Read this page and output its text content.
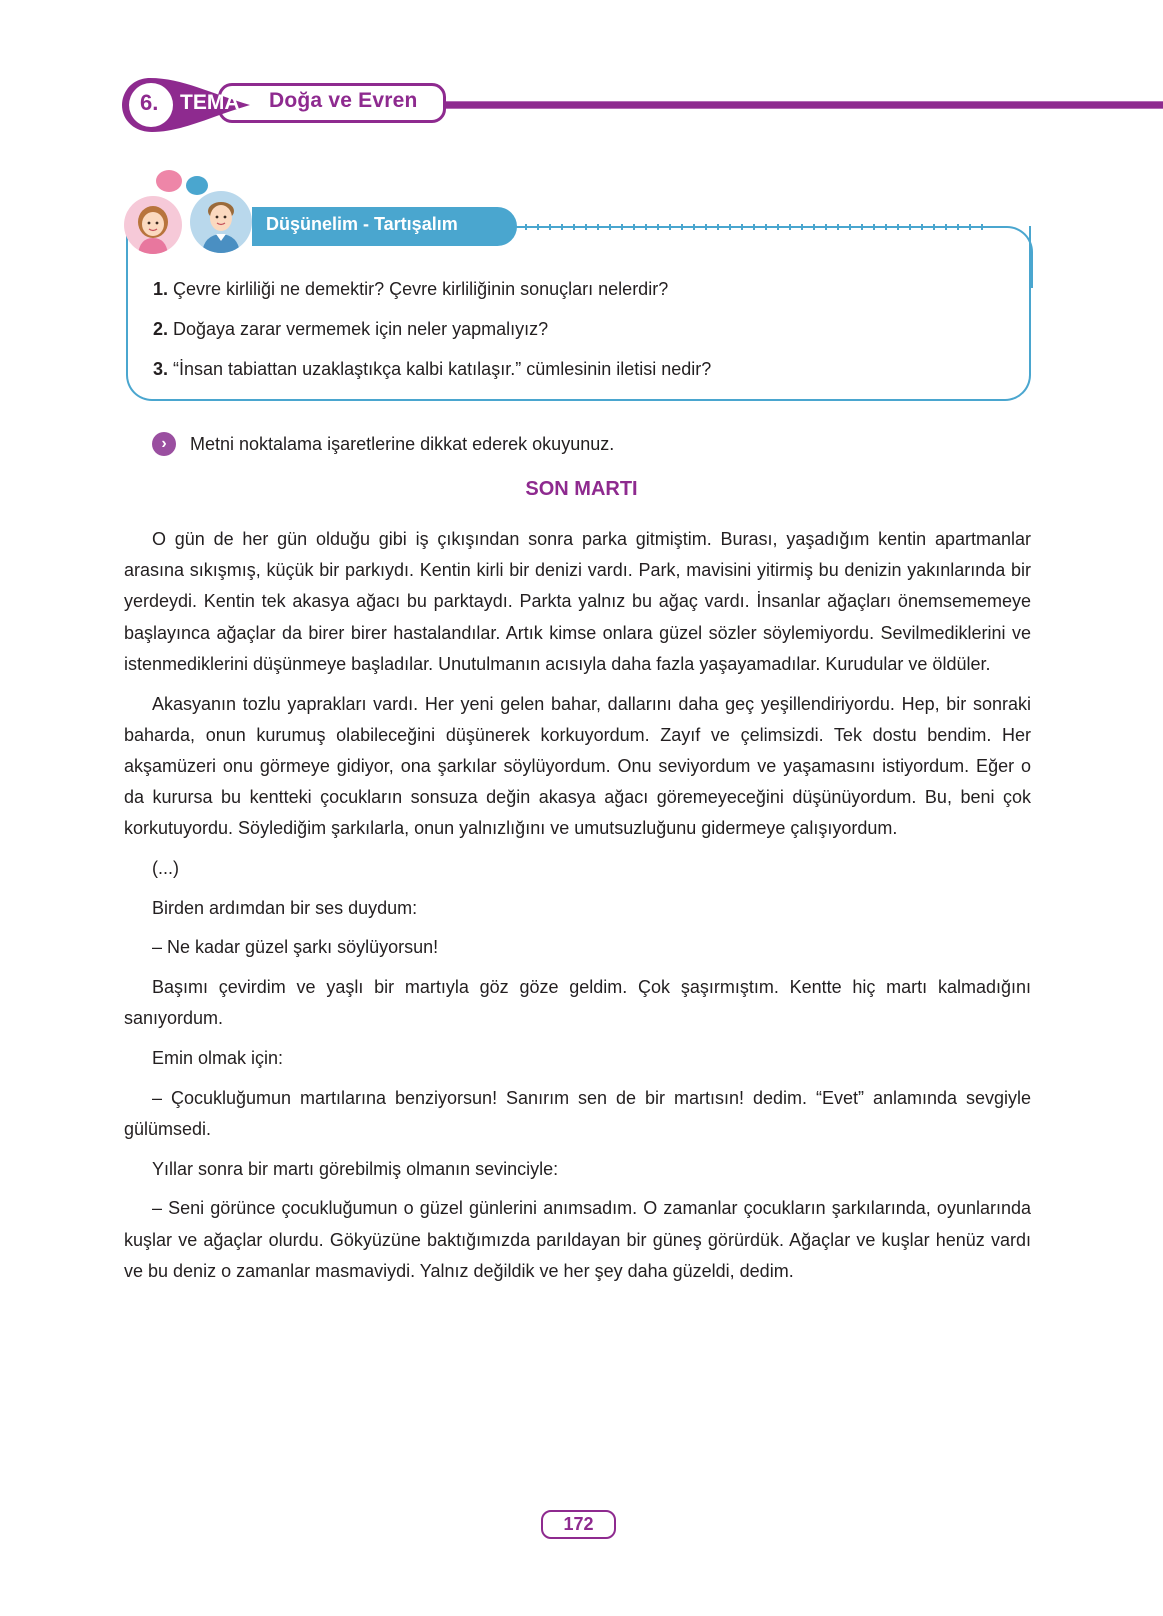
6. TEMA Doğa ve Evren
Düşünelim - Tartışalım
1. Çevre kirliliği ne demektir? Çevre kirliliğinin sonuçları nelerdir?
2. Doğaya zarar vermemek için neler yapmalıyız?
3. “İnsan tabiattan uzaklaştıkça kalbi katılaşır.” cümlesinin iletisi nedir?
›	Metni noktalama işaretlerine dikkat ederek okuyunuz.
SON MARTI

O gün de her gün olduğu gibi iş çıkışından sonra parka gitmiştim. Burası, yaşadığım kentin apartmanlar arasına sıkışmış, küçük bir parkıydı. Kentin kirli bir denizi vardı. Park, mavisini yitirmiş bu denizin yakınlarında bir yerdeydi. Kentin tek akasya ağacı bu parktaydı. Parkta yalnız bu ağaç vardı. İnsanlar ağaçları önemsememeye başlayınca ağaçlar da birer birer hastalandılar. Artık kimse onlara güzel sözler söylemiyordu. Sevilmediklerini ve istenmediklerini düşünmeye başladılar. Unutulmanın acısıyla daha fazla yaşayamadılar. Kurudular ve öldüler.

Akasyanın tozlu yaprakları vardı. Her yeni gelen bahar, dallarını daha geç yeşillendiriyordu. Hep, bir sonraki baharda, onun kurumuş olabileceğini düşünerek korkuyordum. Zayıf ve çelimsizdi. Tek dostu bendim. Her akşamüzeri onu görmeye gidiyor, ona şarkılar söylüyordum. Onu seviyordum ve yaşamasını istiyordum. Eğer o da kurursa bu kentteki çocukların sonsuza değin akasya ağacı göremeyeceğini düşünüyordum. Bu, beni çok korkutuyordu. Söylediğim şarkılarla, onun yalnızlığını ve umutsuzluğunu gidermeye çalışıyordum.

(...)

Birden ardımdan bir ses duydum:

– Ne kadar güzel şarkı söylüyorsun!

Başımı çevirdim ve yaşlı bir martıyla göz göze geldim. Çok şaşırmıştım. Kentte hiç martı kalmadığını sanıyordum.

Emin olmak için:

– Çocukluğumun martılarına benziyorsun! Sanırım sen de bir martısın! dedim. “Evet” anlamında sevgiyle gülümsedi.

Yıllar sonra bir martı görebilmiş olmanın sevinciyle:

– Seni görünce çocukluğumun o güzel günlerini anımsadım. O zamanlar çocukların şarkılarında, oyunlarında kuşlar ve ağaçlar olurdu. Gökyüzüne baktığımızda parıldayan bir güneş görürdük. Ağaçlar ve kuşlar henüz vardı ve bu deniz o zamanlar masmaviydi. Yalnız değildik ve her şey daha güzeldi, dedim.

172
